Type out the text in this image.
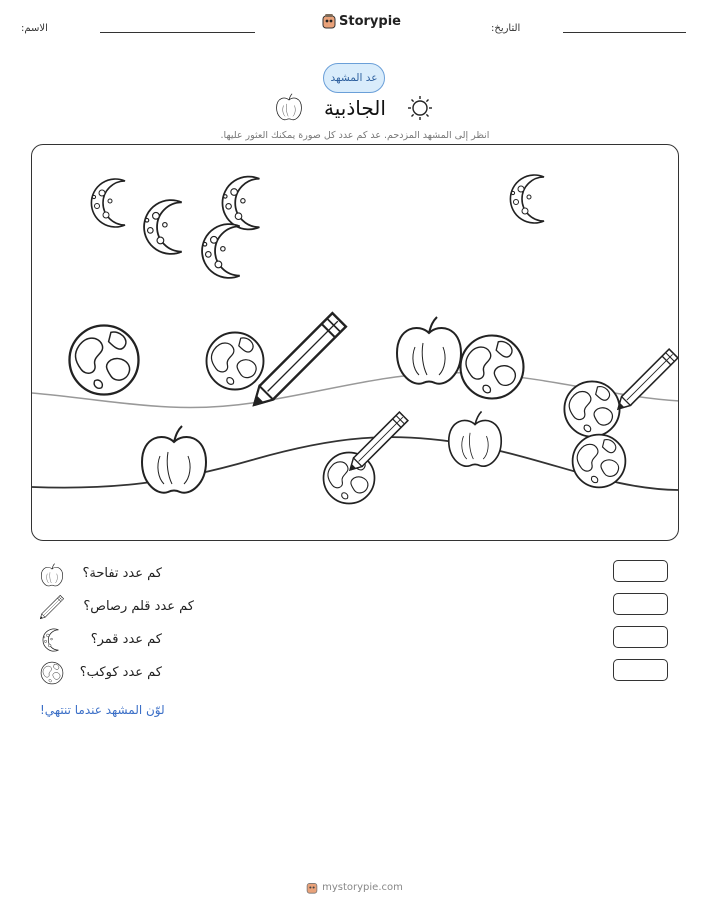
الاسم:	Storypie	التاريخ:
عد المشهد
الجاذبية
انظر إلى المشهد المزدحم. عد كم عدد كل صورة يمكنك العثور عليها.
كم عدد تفاحة؟
كم عدد قلم رصاص؟
كم عدد قمر؟
كم عدد كوكب؟
لوّن المشهد عندما تنتهي!
mystorypie.com
